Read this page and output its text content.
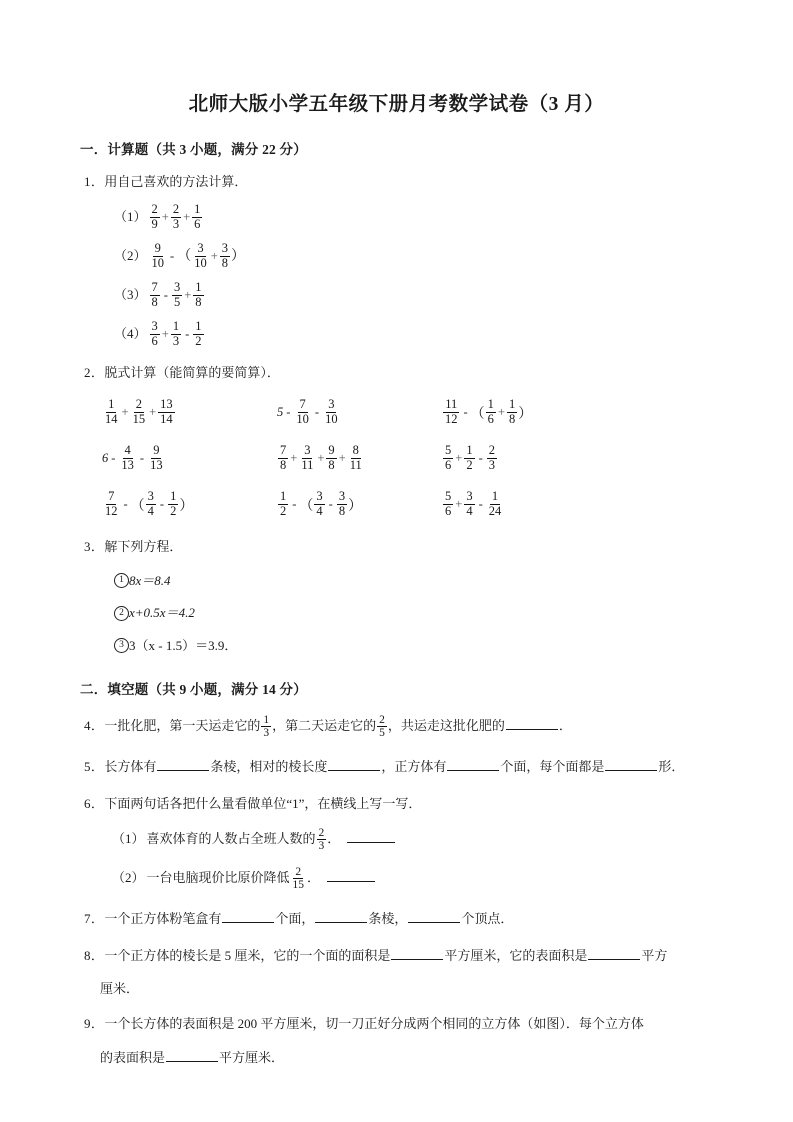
北师大版小学五年级下册月考数学试卷（3 月）
一．计算题（共 3 小题，满分 22 分）
1．用自己喜欢的方法计算．
$(1) \frac{2}{9} + \frac{2}{3} + \frac{1}{6}$
$(2) \frac{9}{10}$ - （ $\frac{3}{10} + \frac{3}{8}$ ）
$(3) \frac{7}{8} - \frac{3}{5} + \frac{1}{8}$
$(4) \frac{3}{6} + \frac{1}{3} - \frac{1}{2}$
2．脱式计算（能简算的要简算）．
$\frac{1}{14} + \frac{2}{15} + \frac{13}{14}$	$5 - \frac{7}{10} - \frac{3}{10}$	$\frac{11}{12}$ - （ $\frac{1}{6} + \frac{1}{8}$ ）
$6 - \frac{4}{13} - \frac{9}{13}$	$\frac{7}{8} + \frac{3}{11} + \frac{9}{8} + \frac{8}{11}$	$\frac{5}{6} + \frac{1}{2} - \frac{2}{3}$
$\frac{7}{12}$ - （ $\frac{3}{4} - \frac{1}{2}$ ）	$\frac{1}{2}$ - （ $\frac{3}{4} - \frac{3}{8}$ ）	$\frac{5}{6} + \frac{3}{4} - \frac{1}{24}$
3．解下列方程．
1 8x＝8.4
2 x+0.5x＝4.2
3 3（x - 1.5）＝3.9．
二．填空题（共 9 小题，满分 14 分）
4．一批化肥，第一天运走它的 $\frac{1}{3}$ ，第二天运走它的 $\frac{2}{5}$ ，共运走这批化肥的	．
5．长方体有	条棱，相对的棱长度	，正方体有	个面，每个面都是	形．
6．下面两句话各把什么量看做单位“1”，在横线上写一写．
（1） 喜欢体育的人数占全班人数的 $\frac{2}{3}$ ．
（2） 一台电脑现价比原价降低 $\frac{2}{15}$ ．
7．一个正方体粉笔盒有	个面，	条棱，	个顶点．
8．一个正方体的棱长是 5 厘米，它的一个面的面积是	平方厘米，它的表面积是	平方
厘米．
9．一个长方体的表面积是 200 平方厘米，切一刀正好分成两个相同的立方体（如图）．每个立方体
的表面积是	平方厘米．
